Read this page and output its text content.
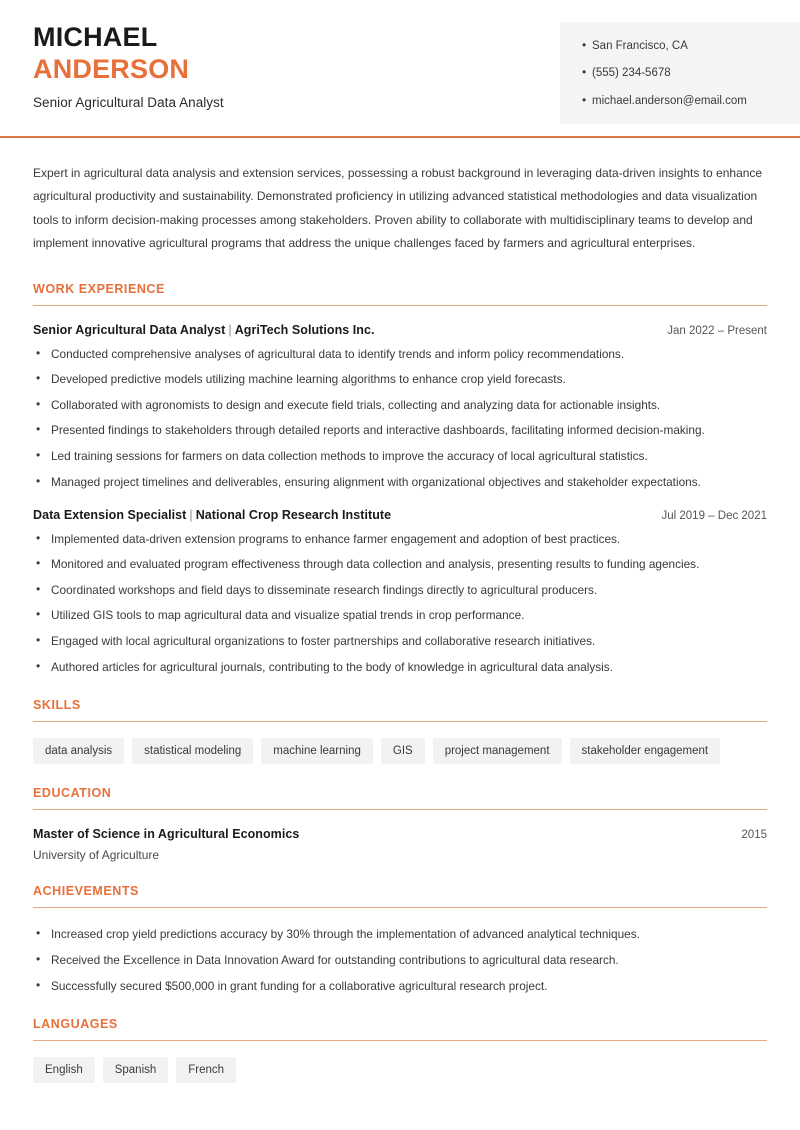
MICHAEL
ANDERSON
Senior Agricultural Data Analyst
• San Francisco, CA
• (555) 234-5678
• michael.anderson@email.com
Expert in agricultural data analysis and extension services, possessing a robust background in leveraging data-driven insights to enhance agricultural productivity and sustainability. Demonstrated proficiency in utilizing advanced statistical methodologies and data visualization tools to inform decision-making processes among stakeholders. Proven ability to collaborate with multidisciplinary teams to develop and implement innovative agricultural programs that address the unique challenges faced by farmers and agricultural enterprises.
WORK EXPERIENCE
Senior Agricultural Data Analyst | AgriTech Solutions Inc.	Jan 2022 – Present
• Conducted comprehensive analyses of agricultural data to identify trends and inform policy recommendations.
• Developed predictive models utilizing machine learning algorithms to enhance crop yield forecasts.
• Collaborated with agronomists to design and execute field trials, collecting and analyzing data for actionable insights.
• Presented findings to stakeholders through detailed reports and interactive dashboards, facilitating informed decision-making.
• Led training sessions for farmers on data collection methods to improve the accuracy of local agricultural statistics.
• Managed project timelines and deliverables, ensuring alignment with organizational objectives and stakeholder expectations.
Data Extension Specialist | National Crop Research Institute	Jul 2019 – Dec 2021
• Implemented data-driven extension programs to enhance farmer engagement and adoption of best practices.
• Monitored and evaluated program effectiveness through data collection and analysis, presenting results to funding agencies.
• Coordinated workshops and field days to disseminate research findings directly to agricultural producers.
• Utilized GIS tools to map agricultural data and visualize spatial trends in crop performance.
• Engaged with local agricultural organizations to foster partnerships and collaborative research initiatives.
• Authored articles for agricultural journals, contributing to the body of knowledge in agricultural data analysis.
SKILLS
data analysis	statistical modeling	machine learning	GIS	project management	stakeholder engagement
EDUCATION
Master of Science in Agricultural Economics	2015
University of Agriculture
ACHIEVEMENTS
• Increased crop yield predictions accuracy by 30% through the implementation of advanced analytical techniques.
• Received the Excellence in Data Innovation Award for outstanding contributions to agricultural data research.
• Successfully secured $500,000 in grant funding for a collaborative agricultural research project.
LANGUAGES
English	Spanish	French
